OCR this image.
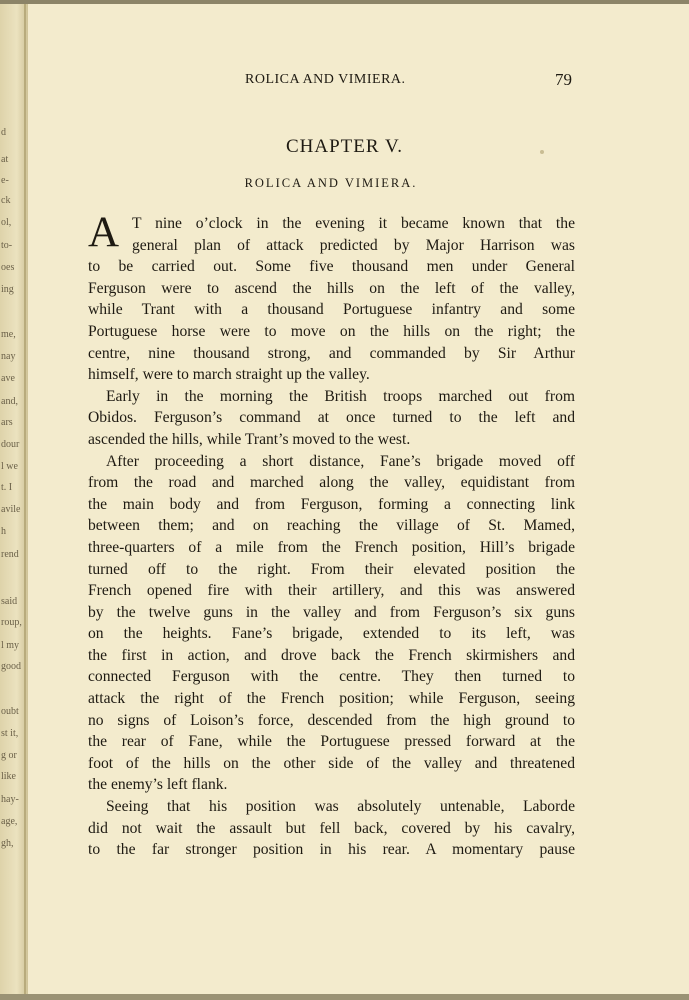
d
at
e-
ck
ol,
to-
oes
ing
me,
nay
ave
and,
ars
dour
l we
t. I
avile
h
rend
said
roup,
l my
good
oubt
st it,
g or
like
hay-
age,
gh,
ROLICA AND VIMIERA.	79
CHAPTER V.
ROLICA AND VIMIERA.
A T nine o’clock in the evening it became known that the
general plan of attack predicted by Major Harrison was
to be carried out. Some five thousand men under General
Ferguson were to ascend the hills on the left of the valley,
while Trant with a thousand Portuguese infantry and some
Portuguese horse were to move on the hills on the right; the
centre, nine thousand strong, and commanded by Sir Arthur
himself, were to march straight up the valley.
Early in the morning the British troops marched out from
Obidos. Ferguson’s command at once turned to the left and
ascended the hills, while Trant’s moved to the west.
After proceeding a short distance, Fane’s brigade moved off
from the road and marched along the valley, equidistant from
the main body and from Ferguson, forming a connecting link
between them; and on reaching the village of St. Mamed,
three-quarters of a mile from the French position, Hill’s brigade
turned off to the right. From their elevated position the
French opened fire with their artillery, and this was answered
by the twelve guns in the valley and from Ferguson’s six guns
on the heights. Fane’s brigade, extended to its left, was
the first in action, and drove back the French skirmishers and
connected Ferguson with the centre. They then turned to
attack the right of the French position; while Ferguson, seeing
no signs of Loison’s force, descended from the high ground to
the rear of Fane, while the Portuguese pressed forward at the
foot of the hills on the other side of the valley and threatened
the enemy’s left flank.
Seeing that his position was absolutely untenable, Laborde
did not wait the assault but fell back, covered by his cavalry,
to the far stronger position in his rear. A momentary pause
